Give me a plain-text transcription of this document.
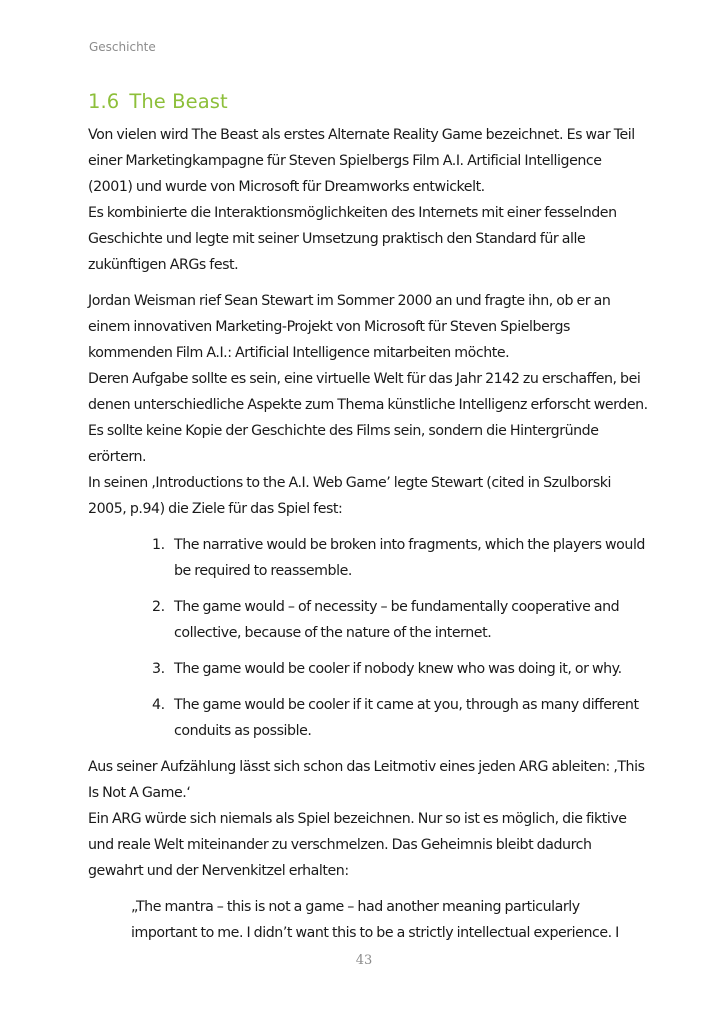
Geschichte
1.6 The Beast

Von vielen wird The Beast als erstes Alternate Reality Game bezeichnet. Es war Teil einer Marketingkampagne für Steven Spielbergs Film A.I. Artificial Intelligence (2001) und wurde von Microsoft für Dreamworks entwickelt.

Es kombinierte die Interaktionsmöglichkeiten des Internets mit einer fesselnden Geschichte und legte mit seiner Umsetzung praktisch den Standard für alle zukünftigen ARGs fest.

Jordan Weisman rief Sean Stewart im Sommer 2000 an und fragte ihn, ob er an einem innovativen Marketing-Projekt von Microsoft für Steven Spielbergs kommenden Film A.I.: Artificial Intelligence mitarbeiten möchte.

Deren Aufgabe sollte es sein, eine virtuelle Welt für das Jahr 2142 zu erschaffen, bei denen unterschiedliche Aspekte zum Thema künstliche Intelligenz erforscht werden. Es sollte keine Kopie der Geschichte des Films sein, sondern die Hintergründe erörtern.

In seinen ‚Introductions to the A.I. Web Game’ legte Stewart (cited in Szulborski 2005, p.94) die Ziele für das Spiel fest:

1. The narrative would be broken into fragments, which the players would be required to reassemble.
2. The game would – of necessity – be fundamentally cooperative and collective, because of the nature of the internet.
3. The game would be cooler if nobody knew who was doing it, or why.
4. The game would be cooler if it came at you, through as many different conduits as possible.

Aus seiner Aufzählung lässt sich schon das Leitmotiv eines jeden ARG ableiten: ‚This Is Not A Game.‘

Ein ARG würde sich niemals als Spiel bezeichnen. Nur so ist es möglich, die fiktive und reale Welt miteinander zu verschmelzen. Das Geheimnis bleibt dadurch gewahrt und der Nervenkitzel erhalten:

„The mantra – this is not a game – had another meaning particularly important to me. I didn’t want this to be a strictly intellectual experience. I

43
